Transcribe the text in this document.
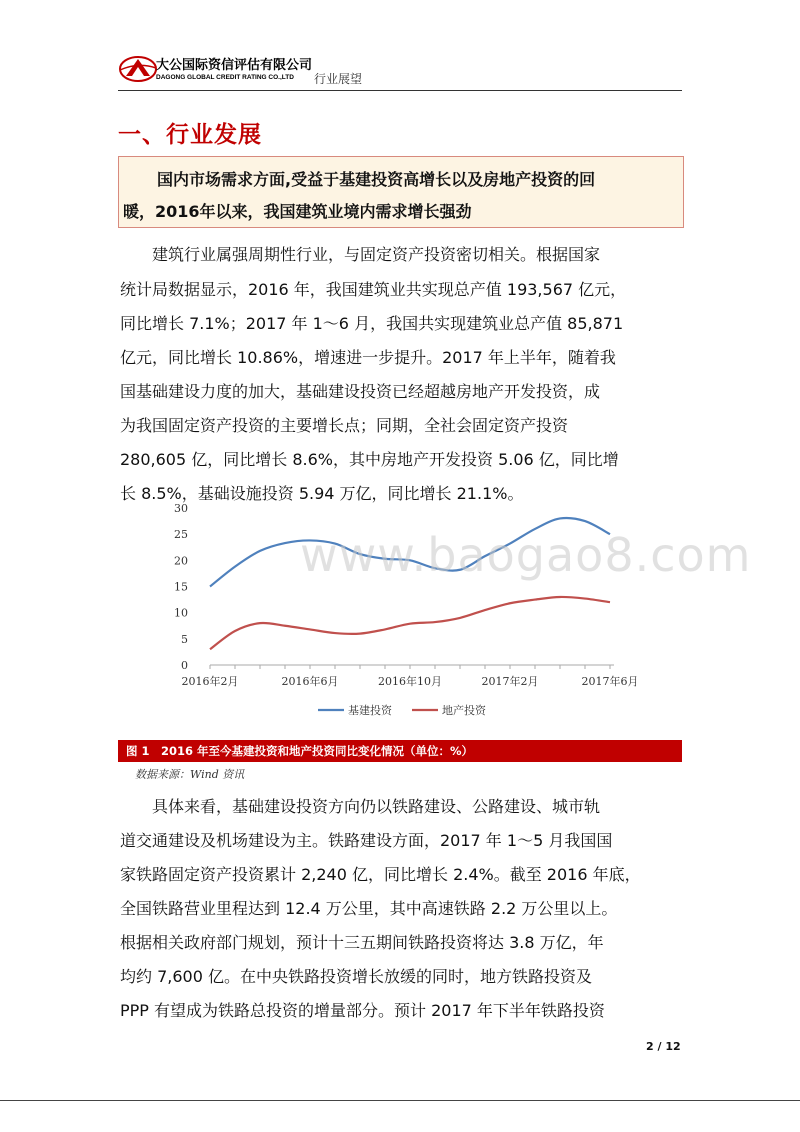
大公国际资信评估有限公司
DAGONG GLOBAL CREDIT RATING CO.,LTD 行业展望
一、行业发展
国内市场需求方面,受益于基建投资高增长以及房地产投资的回
暖，2016年以来，我国建筑业境内需求增长强劲
建筑行业属强周期性行业，与固定资产投资密切相关。根据国家
统计局数据显示，2016 年，我国建筑业共实现总产值 193,567 亿元，
同比增长 7.1%；2017 年 1～6 月，我国共实现建筑业总产值 85,871
亿元，同比增长 10.86%，增速进一步提升。2017 年上半年，随着我
国基础建设力度的加大，基础建设投资已经超越房地产开发投资，成
为我国固定资产投资的主要增长点；同期，全社会固定资产投资
280,605 亿，同比增长 8.6%，其中房地产开发投资 5.06 亿，同比增
长 8.5%，基础设施投资 5.94 万亿，同比增长 21.1%。
0
5
10
15
20
25
30
2016年2月	2016年6月	2016年10月	2017年2月	2017年6月
基建投资	地产投资
www.baogao8.com
图 1　2016 年至今基建投资和地产投资同比变化情况（单位：%）
数据来源：Wind 资讯
具体来看，基础建设投资方向仍以铁路建设、公路建设、城市轨
道交通建设及机场建设为主。铁路建设方面，2017 年 1～5 月我国国
家铁路固定资产投资累计 2,240 亿，同比增长 2.4%。截至 2016 年底，
全国铁路营业里程达到 12.4 万公里，其中高速铁路 2.2 万公里以上。
根据相关政府部门规划，预计十三五期间铁路投资将达 3.8 万亿，年
均约 7,600 亿。在中央铁路投资增长放缓的同时，地方铁路投资及
PPP 有望成为铁路总投资的增量部分。预计 2017 年下半年铁路投资
2 / 12
